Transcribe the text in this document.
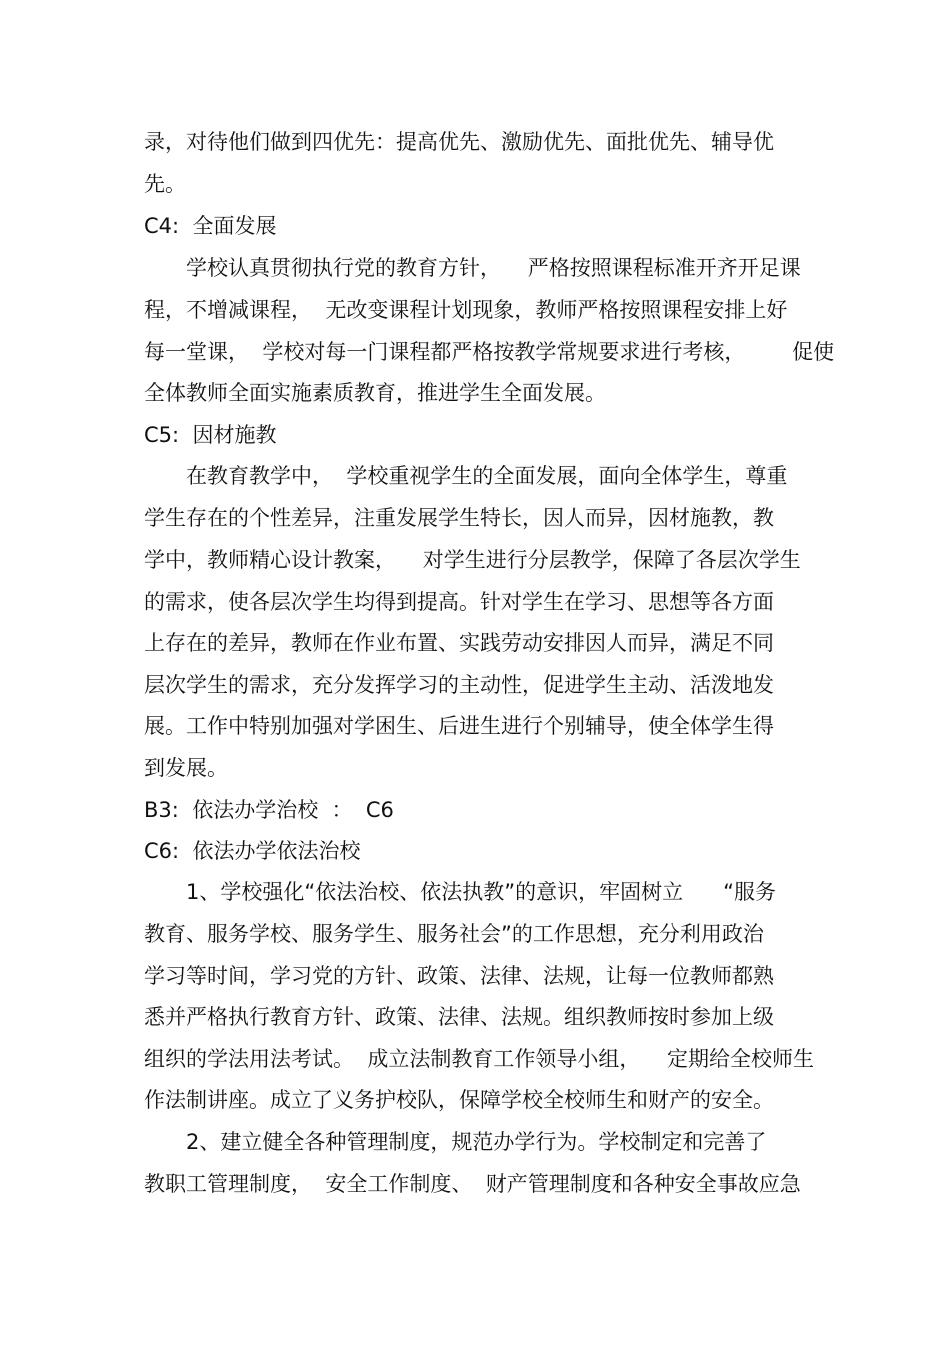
录，对待他们做到四优先：提高优先、激励优先、面批优先、辅导优
先。
C4:  全面发展
学校认真贯彻执行党的教育方针，    严格按照课程标准开齐开足课
程，不增减课程，  无改变课程计划现象，教师严格按照课程安排上好
每一堂课，  学校对每一门课程都严格按教学常规要求进行考核，       促使
全体教师全面实施素质教育，推进学生全面发展。
C5:  因材施教
在教育教学中，  学校重视学生的全面发展，面向全体学生，尊重
学生存在的个性差异，注重发展学生特长，因人而异，因材施教，教
学中，教师精心设计教案，    对学生进行分层教学，保障了各层次学生
的需求，使各层次学生均得到提高。针对学生在学习、思想等各方面
上存在的差异，教师在作业布置、实践劳动安排因人而异，满足不同
层次学生的需求，充分发挥学习的主动性，促进学生主动、活泼地发
展。工作中特别加强对学困生、后进生进行个别辅导，使全体学生得
到发展。
B3:  依法办学治校  ：  C6
C6:  依法办学依法治校
1、学校强化“依法治校、依法执教”的意识，牢固树立      “服务
教育、服务学校、服务学生、服务社会”的工作思想，充分利用政治
学习等时间，学习党的方针、政策、法律、法规，让每一位教师都熟
悉并严格执行教育方针、政策、法律、法规。组织教师按时参加上级
组织的学法用法考试。  成立法制教育工作领导小组，    定期给全校师生
作法制讲座。成立了义务护校队，保障学校全校师生和财产的安全。
2、建立健全各种管理制度，规范办学行为。学校制定和完善了
教职工管理制度，  安全工作制度、  财产管理制度和各种安全事故应急
